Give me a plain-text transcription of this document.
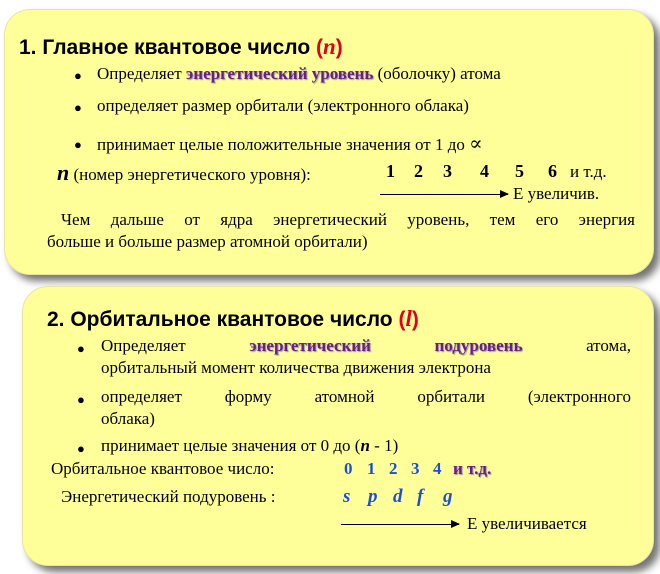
1. Главное квантовое число (n)
● Определяет энергетический уровень (оболочку) атома
● определяет размер орбитали (электронного облака)
● принимает целые положительные значения от 1 до ∝
n (номер энергетического уровня):	1 2 3 4 5 6 и т.д.
Е увеличив.
Чем дальше от ядра энергетический уровень, тем его энергия
больше и больше размер атомной орбитали)
2. Орбитальное квантовое число (l)
● Определяет	энергетический	подуровень	атома,
орбитальный момент количества движения электрона
● определяет	форму	атомной	орбитали	(электронного
облака)
● принимает целые значения от 0 до (n - 1)
Орбитальное квантовое число:	0 1 2 3 4 и т.д.
Энергетический подуровень :	s p d f g
Е увеличивается
